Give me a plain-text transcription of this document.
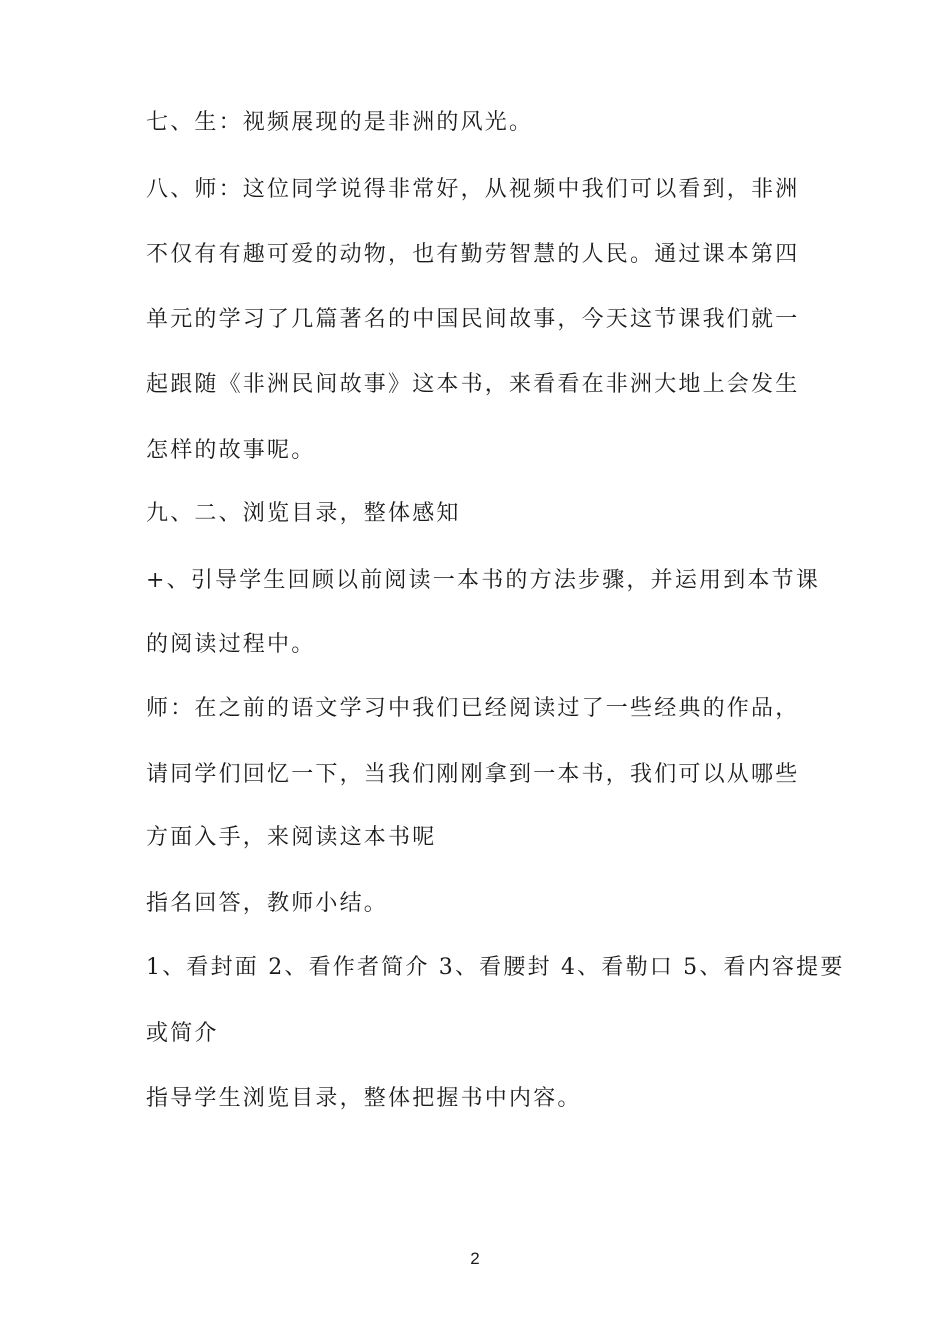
七、生：视频展现的是非洲的风光。

八、师：这位同学说得非常好，从视频中我们可以看到，非洲

不仅有有趣可爱的动物，也有勤劳智慧的人民。通过课本第四

单元的学习了几篇著名的中国民间故事，今天这节课我们就一

起跟随《非洲民间故事》这本书，来看看在非洲大地上会发生

怎样的故事呢。

九、二、浏览目录，整体感知

+、引导学生回顾以前阅读一本书的方法步骤，并运用到本节课

的阅读过程中。

师：在之前的语文学习中我们已经阅读过了一些经典的作品，

请同学们回忆一下，当我们刚刚拿到一本书，我们可以从哪些

方面入手，来阅读这本书呢

指名回答，教师小结。

1、看封面 2、看作者简介 3、看腰封 4、看勒口 5、看内容提要

或简介

指导学生浏览目录，整体把握书中内容。

2
